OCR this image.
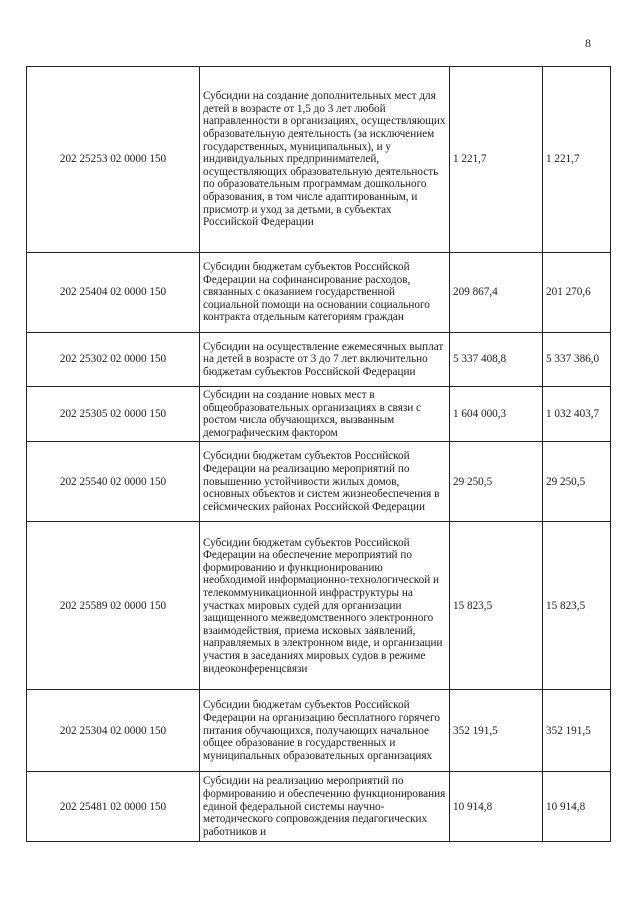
8
202 25253 02 0000 150	Субсидии на создание дополнительных мест для детей в возрасте от 1,5 до 3 лет любой направленности в организациях, осуществляющих образовательную деятельность (за исключением государственных, муниципальных), и у индивидуальных предпринимателей, осуществляющих образовательную деятельность по образовательным программам дошкольного образования, в том числе адаптированным, и присмотр и уход за детьми, в субъектах Российской Федерации	1 221,7	1 221,7
202 25404 02 0000 150	Субсидии бюджетам субъектов Российской Федерации на софинансирование расходов, связанных с оказанием государственной социальной помощи на основании социального контракта отдельным категориям граждан	209 867,4	201 270,6
202 25302 02 0000 150	Субсидии на осуществление ежемесячных выплат на детей в возрасте от 3 до 7 лет включительно бюджетам субъектов Российской Федерации	5 337 408,8	5 337 386,0
202 25305 02 0000 150	Субсидии на создание новых мест в общеобразовательных организациях в связи с ростом числа обучающихся, вызванным демографическим фактором	1 604 000,3	1 032 403,7
202 25540 02 0000 150	Субсидии бюджетам субъектов Российской Федерации на реализацию мероприятий по повышению устойчивости жилых домов, основных объектов и систем жизнеобеспечения в сейсмических районах Российской Федерации	29 250,5	29 250,5
202 25589 02 0000 150	Субсидии бюджетам субъектов Российской Федерации на обеспечение мероприятий по формированию и функционированию необходимой информационно-технологической и телекоммуникационной инфраструктуры на участках мировых судей для организации защищенного межведомственного электронного взаимодействия, приема исковых заявлений, направляемых в электронном виде, и организации участия в заседаниях мировых судов в режиме видеоконференцсвязи	15 823,5	15 823,5
202 25304 02 0000 150	Субсидии бюджетам субъектов Российской Федерации на организацию бесплатного горячего питания обучающихся, получающих начальное общее образование в государственных и муниципальных образовательных организациях	352 191,5	352 191,5
202 25481 02 0000 150	Субсидии на реализацию мероприятий по формированию и обеспечению функционирования единой федеральной системы научно-методического сопровождения педагогических работников и	10 914,8	10 914,8
